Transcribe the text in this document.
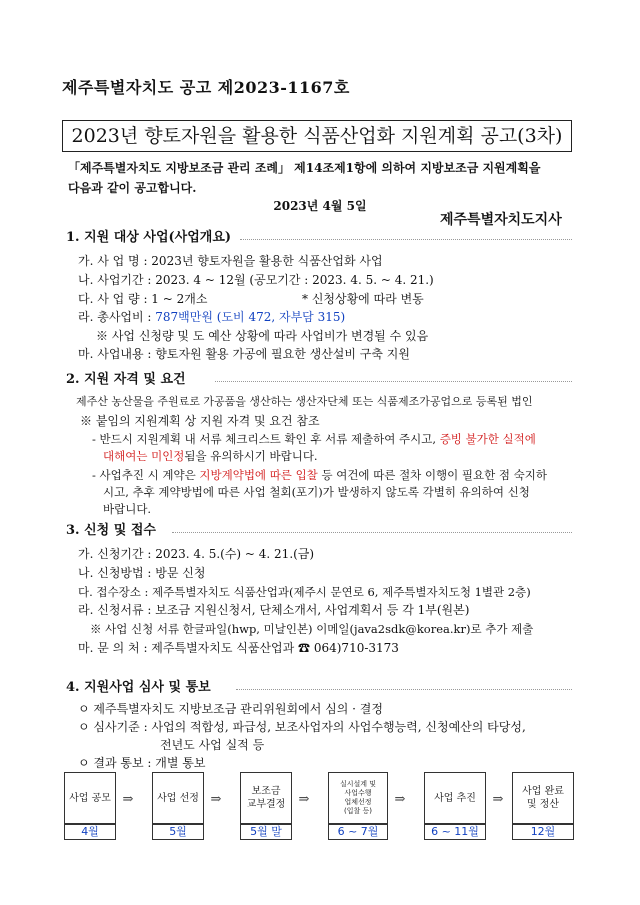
제주특별자치도 공고 제2023-1167호
2023년 향토자원을 활용한 식품산업화 지원계획 공고(3차)
「제주특별자치도 지방보조금 관리 조례」 제14조제1항에 의하여 지방보조금 지원계획을
다음과 같이 공고합니다.
2023년 4월 5일
제주특별자치도지사
1. 지원 대상 사업(사업개요)
가. 사 업 명 : 2023년 향토자원을 활용한 식품산업화 사업
나. 사업기간 : 2023. 4 ~ 12월 (공모기간 : 2023. 4. 5. ~ 4. 21.)
다. 사 업 량 : 1 ~ 2개소	* 신청상황에 따라 변동
라. 총사업비 : 787백만원 (도비 472, 자부담 315)
※ 사업 신청량 및 도 예산 상황에 따라 사업비가 변경될 수 있음
마. 사업내용 : 향토자원 활용 가공에 필요한 생산설비 구축 지원
2. 지원 자격 및 요건
제주산 농산물을 주원료로 가공품을 생산하는 생산자단체 또는 식품제조가공업으로 등록된 법인
※ 붙임의 지원계획 상 지원 자격 및 요건 참조
- 반드시 지원계획 내 서류 체크리스트 확인 후 서류 제출하여 주시고, 증빙 불가한 실적에
대해여는 미인정됨을 유의하시기 바랍니다.
- 사업추진 시 계약은 지방계약법에 따른 입찰 등 여건에 따른 절차 이행이 필요한 점 숙지하
시고, 추후 계약방법에 따른 사업 철회(포기)가 발생하지 않도록 각별히 유의하여 신청
바랍니다.
3. 신청 및 접수
가. 신청기간 : 2023. 4. 5.(수) ~ 4. 21.(금)
나. 신청방법 : 방문 신청
다. 접수장소 : 제주특별자치도 식품산업과(제주시 문연로 6, 제주특별자치도청 1별관 2층)
라. 신청서류 : 보조금 지원신청서, 단체소개서, 사업계획서 등 각 1부(원본)
※ 사업 신청 서류 한글파일(hwp, 미날인본) 이메일(java2sdk@korea.kr)로 추가 제출
마. 문 의 처 : 제주특별자치도 식품산업과 ☎ 064)710-3173
4. 지원사업 심사 및 통보
ㅇ 제주특별자치도 지방보조금 관리위원회에서 심의 · 결정
ㅇ 심사기준 : 사업의 적합성, 파급성, 보조사업자의 사업수행능력, 신청예산의 타당성,
전년도 사업 실적 등
ㅇ 결과 통보 : 개별 통보
사업 공모
4월
⇒	사업 선정
5월
⇒
보조금
교부결정
5월 말
⇒
실시설계 및
사업수행
업체선정
(입찰 등)
6 ~ 7월
⇒	사업 추진
6 ~ 11월
⇒
사업 완료
및 정산
12월
